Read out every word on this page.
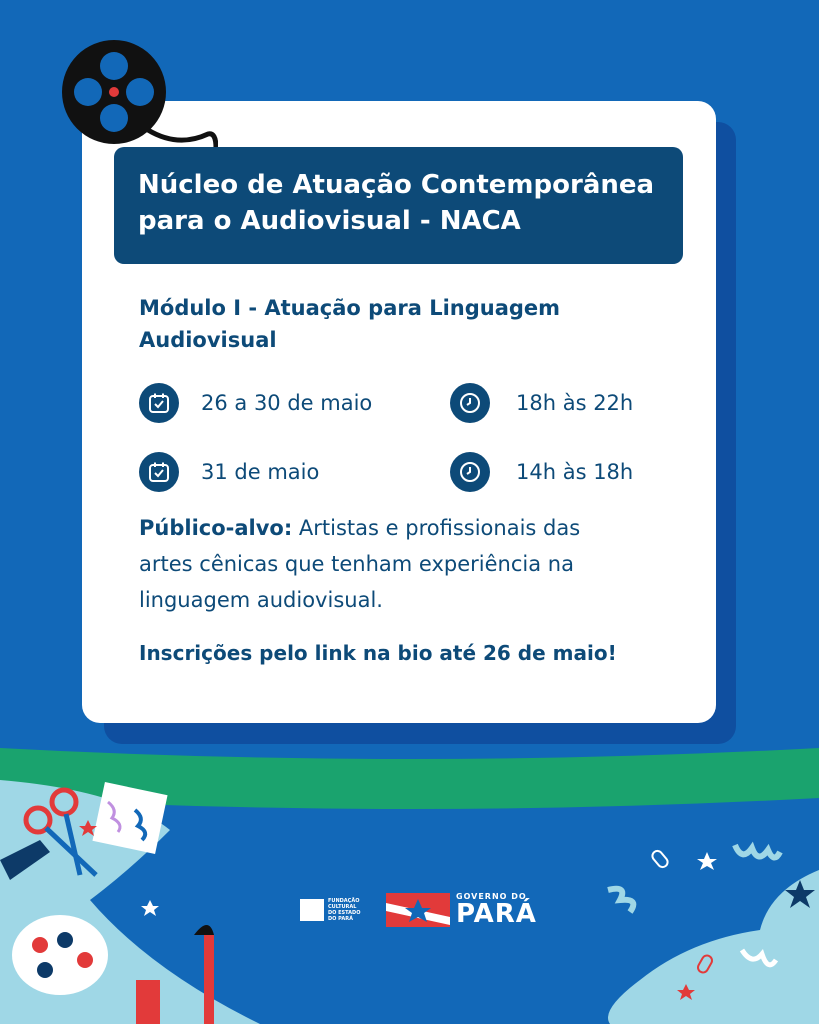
Núcleo de Atuação Contemporânea
para o Audiovisual - NACA
Módulo I - Atuação para Linguagem
Audiovisual
26 a 30 de maio	18h às 22h
31 de maio	14h às 18h
Público-alvo: Artistas e profissionais das
artes cênicas que tenham experiência na
linguagem audiovisual.
Inscrições pelo link na bio até 26 de maio!
FUNDAÇÃO CULTURAL DO ESTADO DO PARÁ
GOVERNO DO
PARÁ
